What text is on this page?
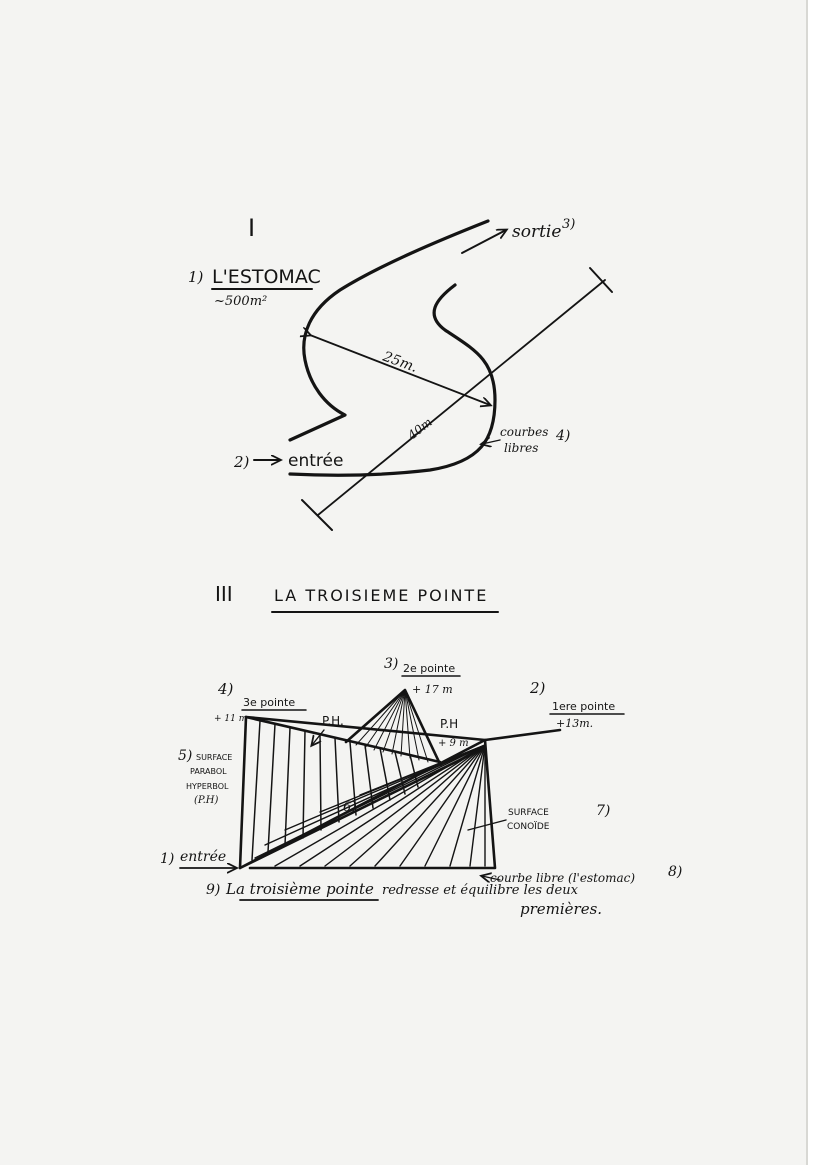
I
1) L'ESTOMAC
~500m²
sortie 3)
25m.
40m
2) entrée
courbes
libres
4)
III	LA TROISIEME POINTE
4)
3e pointe
+ 11 m
3) 2e pointe
+ 17 m	2)
1ere pointe
+13m.
P.H.	P.H
+ 9 m
5) SURFACE
PARABOL
HYPERBOL
(P.H)	6)	SURFACE
CONOÏDE
7)
1) entrée
courbe libre (l'estomac) 8)
9) La troisième pointe redresse et équilibre les deux
premières.
